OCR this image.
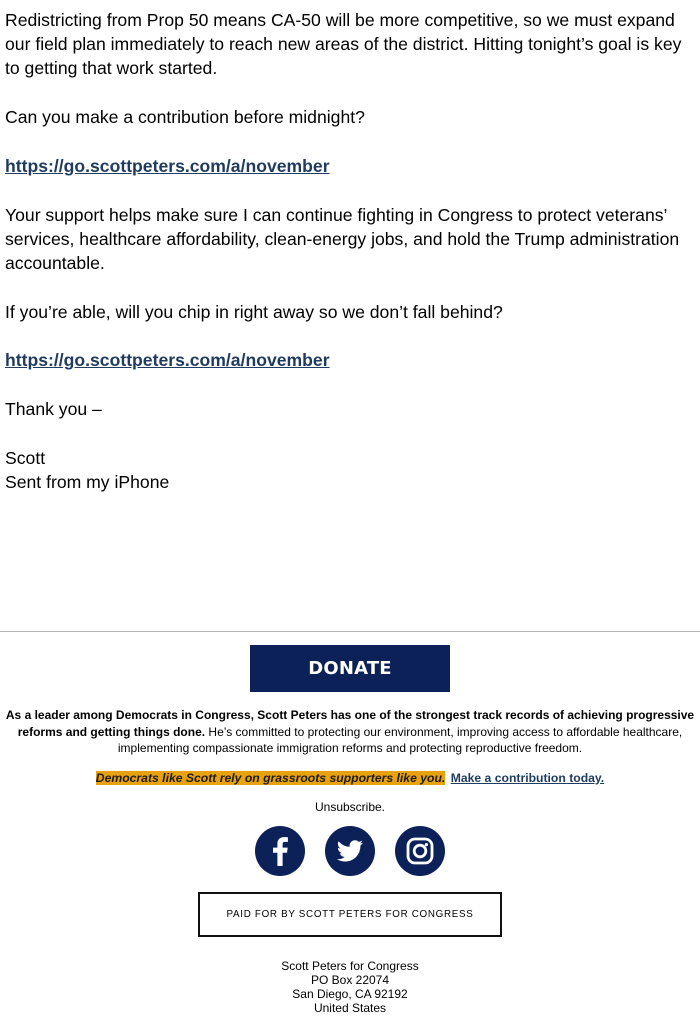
Redistricting from Prop 50 means CA-50 will be more competitive, so we must expand our field plan immediately to reach new areas of the district. Hitting tonight’s goal is key to getting that work started.

Can you make a contribution before midnight?

https://go.scottpeters.com/a/november

Your support helps make sure I can continue fighting in Congress to protect veterans’ services, healthcare affordability, clean-energy jobs, and hold the Trump administration accountable.

If you’re able, will you chip in right away so we don’t fall behind?

https://go.scottpeters.com/a/november

Thank you –

Scott

Sent from my iPhone

DONATE
As a leader among Democrats in Congress, Scott Peters has one of the strongest track records of achieving progressive reforms and getting things done. He’s committed to protecting our environment, improving access to affordable healthcare, implementing compassionate immigration reforms and protecting reproductive freedom.
Democrats like Scott rely on grassroots supporters like you. Make a contribution today.
Unsubscribe.
PAID FOR BY SCOTT PETERS FOR CONGRESS
Scott Peters for Congress
PO Box 22074
San Diego, CA 92192
United States
